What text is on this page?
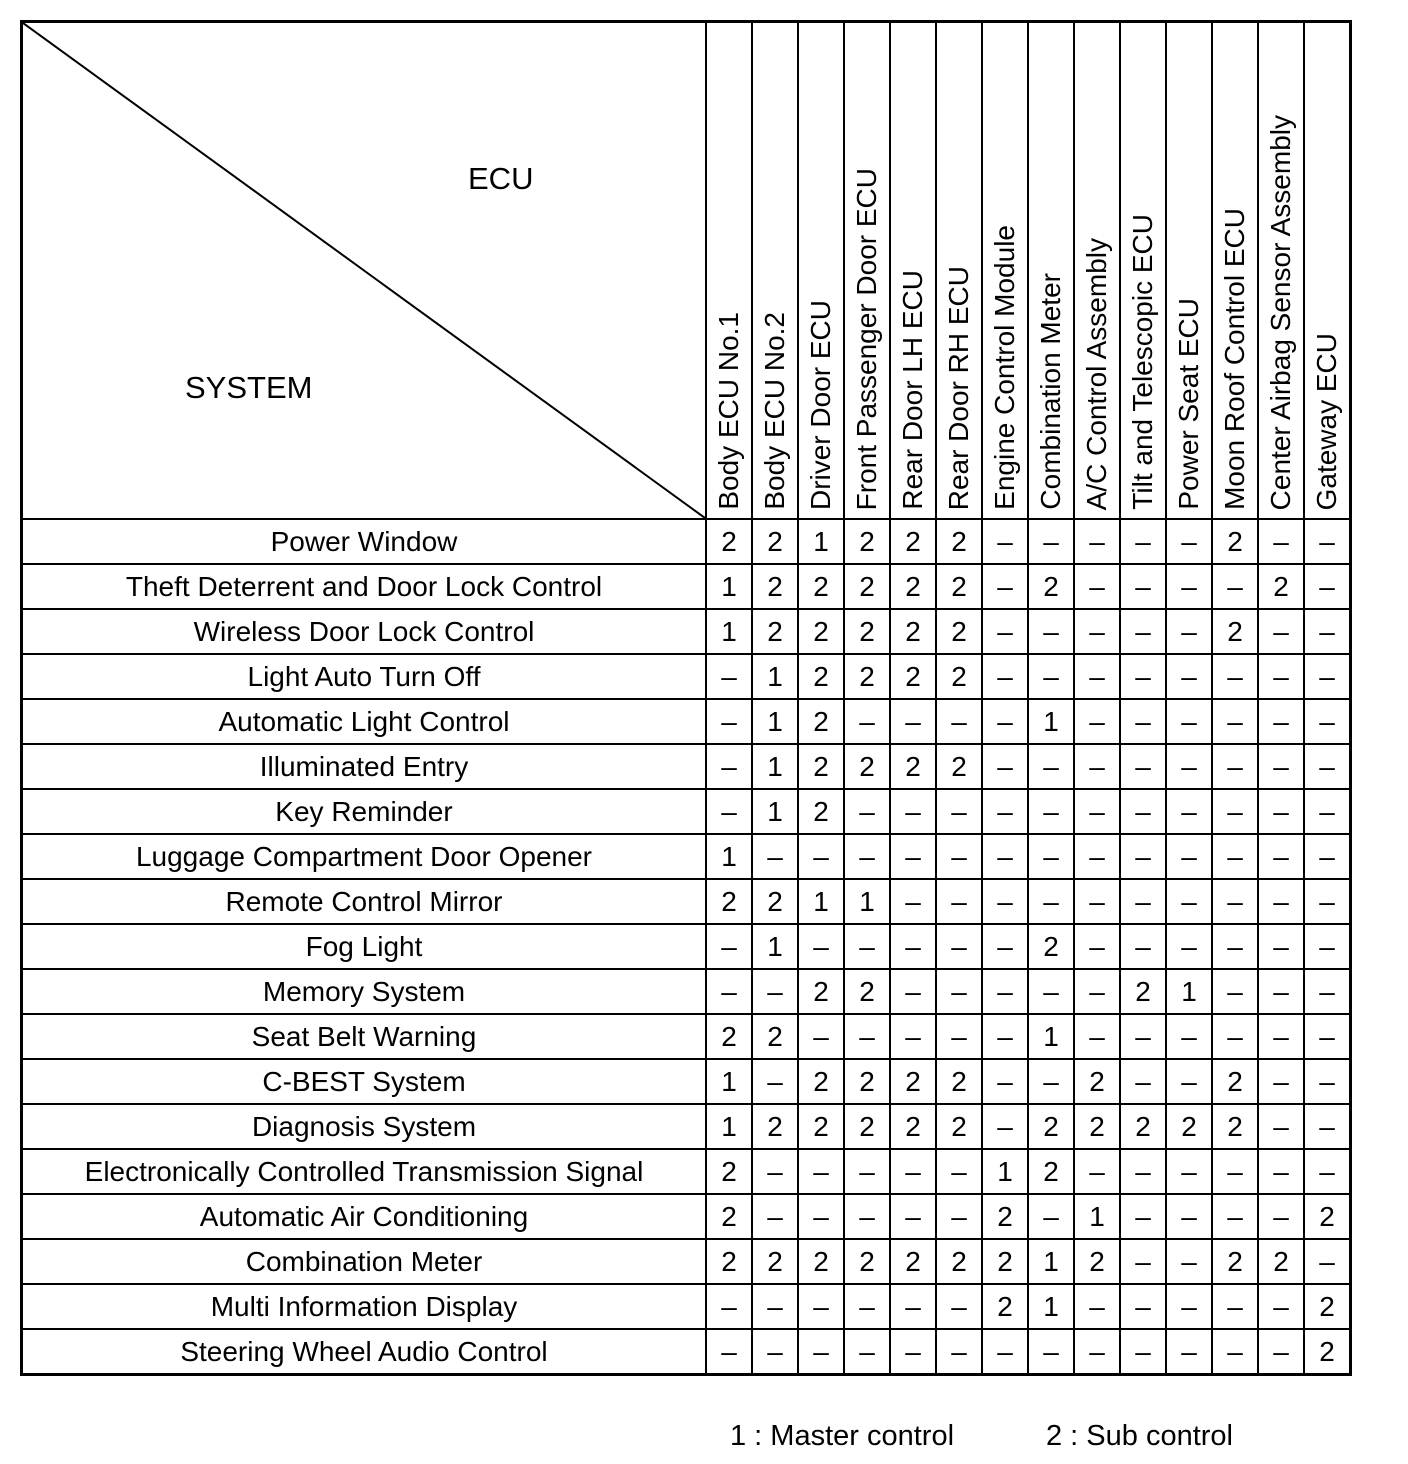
ECU
SYSTEM	Body ECU No.1	Body ECU No.2	Driver Door ECU	Front Passenger Door ECU	Rear Door LH ECU	Rear Door RH ECU	Engine Control Module	Combination Meter	A/C Control Assembly	Tilt and Telescopic ECU	Power Seat ECU	Moon Roof Control ECU	Center Airbag Sensor Assembly	Gateway ECU

Power Window	2	2	1	2	2	2	–	–	–	–	–	2	–	–
Theft Deterrent and Door Lock Control	1	2	2	2	2	2	–	2	–	–	–	–	2	–
Wireless Door Lock Control	1	2	2	2	2	2	–	–	–	–	–	2	–	–
Light Auto Turn Off	–	1	2	2	2	2	–	–	–	–	–	–	–	–
Automatic Light Control	–	1	2	–	–	–	–	1	–	–	–	–	–	–
Illuminated Entry	–	1	2	2	2	2	–	–	–	–	–	–	–	–
Key Reminder	–	1	2	–	–	–	–	–	–	–	–	–	–	–
Luggage Compartment Door Opener	1	–	–	–	–	–	–	–	–	–	–	–	–	–
Remote Control Mirror	2	2	1	1	–	–	–	–	–	–	–	–	–	–
Fog Light	–	1	–	–	–	–	–	2	–	–	–	–	–	–
Memory System	–	–	2	2	–	–	–	–	–	2	1	–	–	–
Seat Belt Warning	2	2	–	–	–	–	–	1	–	–	–	–	–	–
C-BEST System	1	–	2	2	2	2	–	–	2	–	–	2	–	–
Diagnosis System	1	2	2	2	2	2	–	2	2	2	2	2	–	–
Electronically Controlled Transmission Signal	2	–	–	–	–	–	1	2	–	–	–	–	–	–
Automatic Air Conditioning	2	–	–	–	–	–	2	–	1	–	–	–	–	2
Combination Meter	2	2	2	2	2	2	2	1	2	–	–	2	2	–
Multi Information Display	–	–	–	–	–	–	2	1	–	–	–	–	–	2
Steering Wheel Audio Control	–	–	–	–	–	–	–	–	–	–	–	–	–	2
1 : Master control	2 : Sub control
